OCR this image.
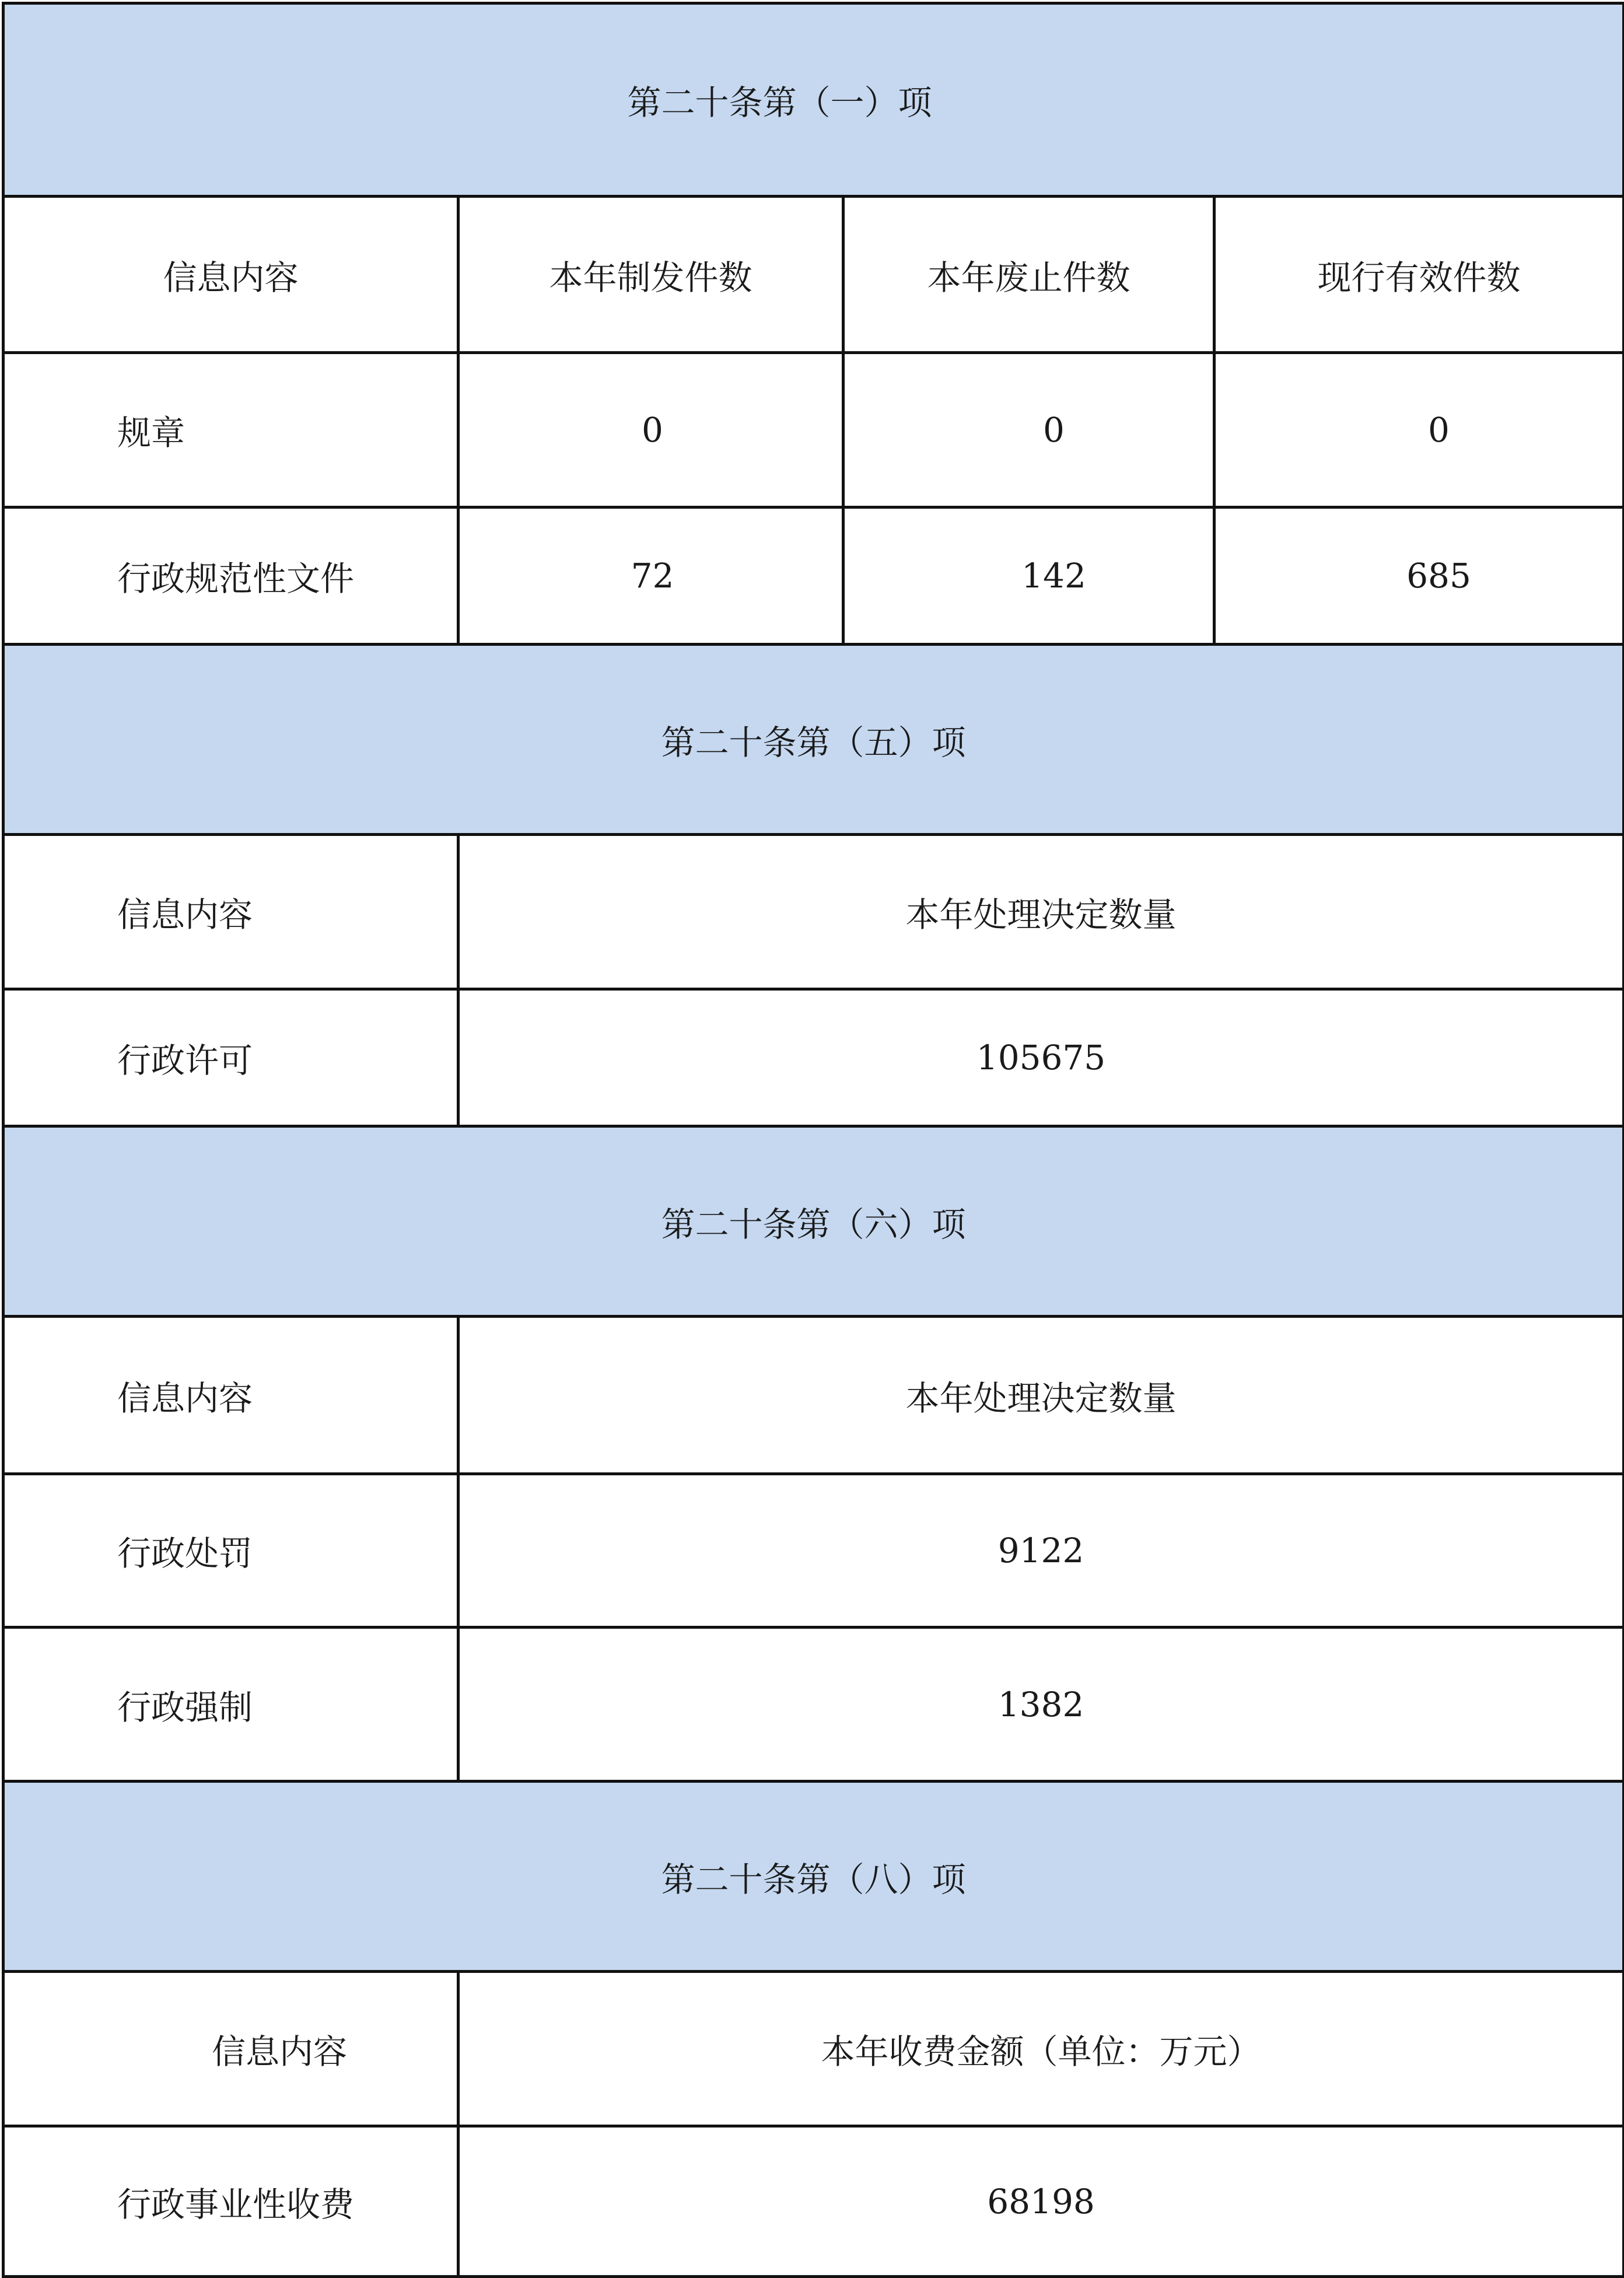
第二十条第（一）项			
信息内容	本年制发件数	本年废止件数	现行有效件数
规章	0	0	0
行政规范性文件	72	142	685
第二十条第（五）项			
信息内容	本年处理决定数量		
行政许可	105675		
第二十条第（六）项			
信息内容	本年处理决定数量		
行政处罚	9122		
行政强制	1382		
第二十条第（八）项			
信息内容	本年收费金额（单位：万元）		
行政事业性收费	68198		
